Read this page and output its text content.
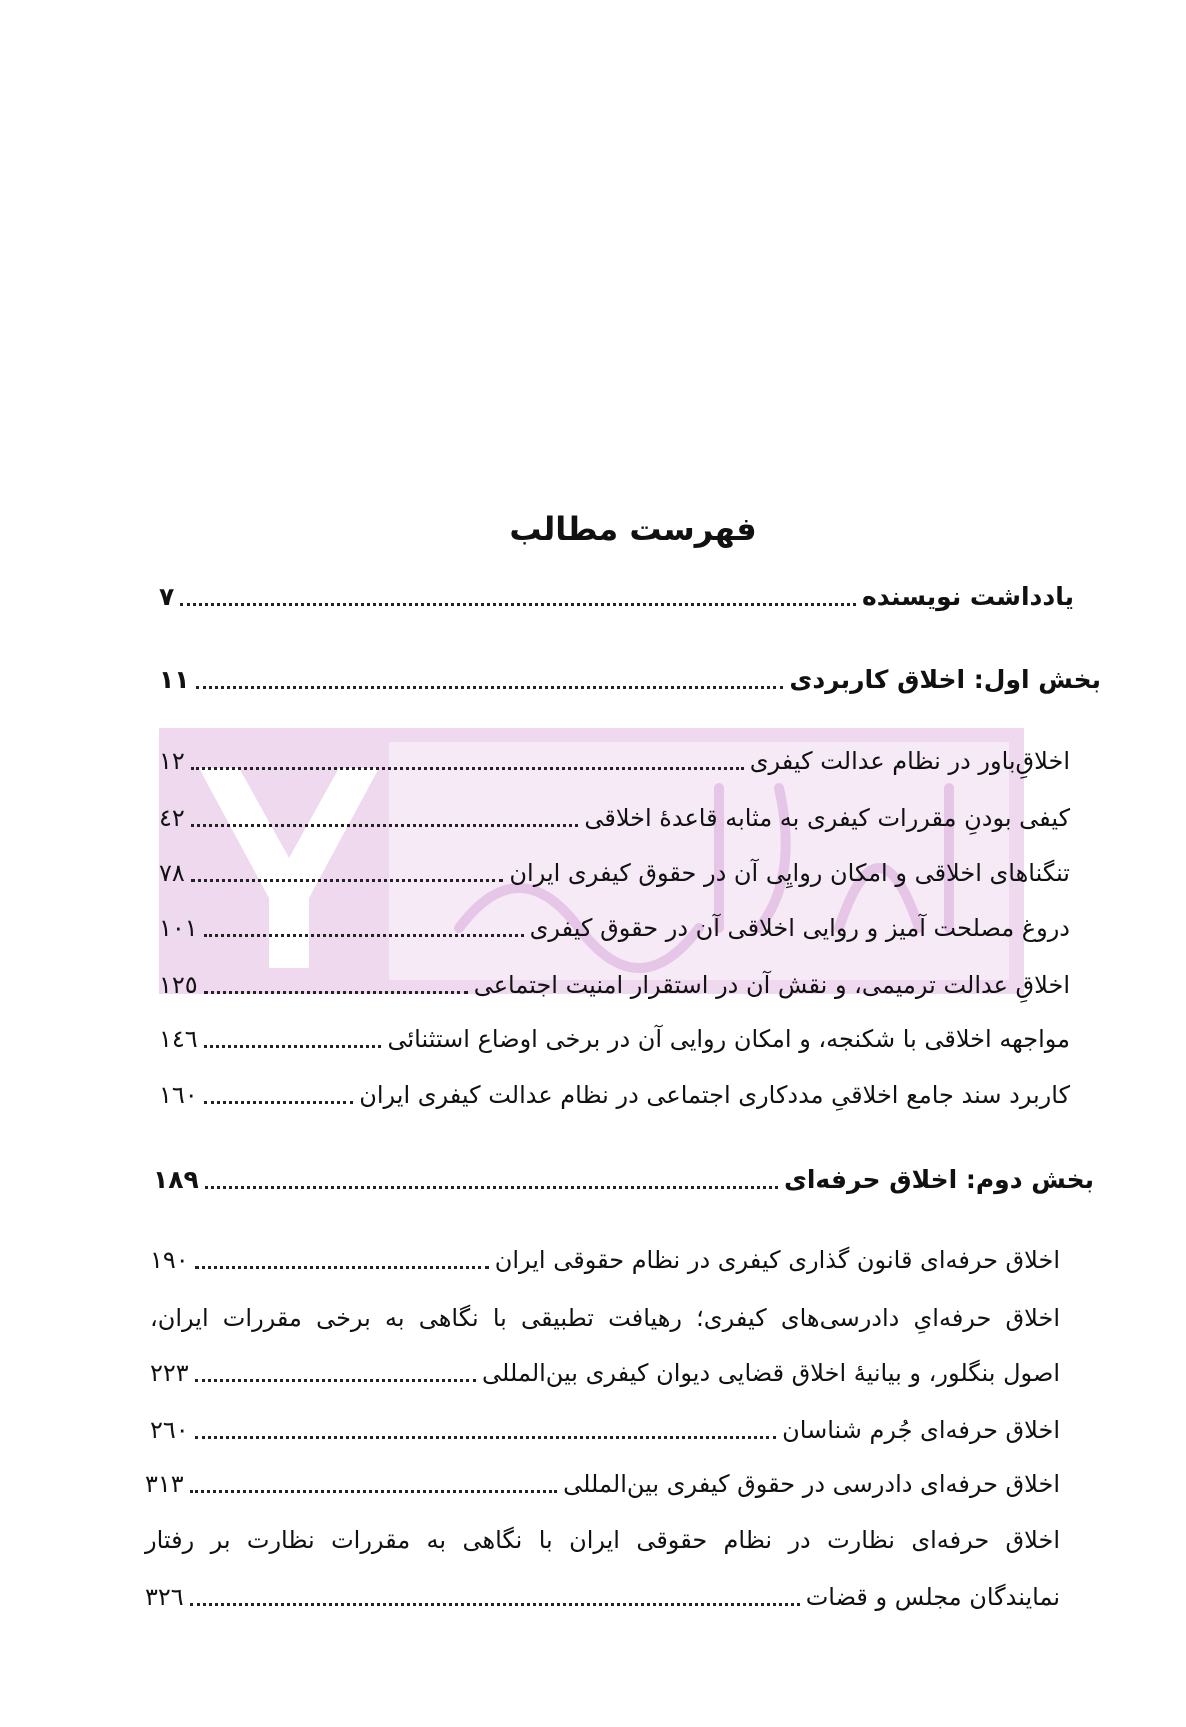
فهرست مطالب
یادداشت نویسنده
٧
بخش اول: اخلاق کاربردی
١١
اخلاقِ‌باور در نظام عدالت کیفری
١٢
کیفی بودنِ مقررات کیفری به مثابه قاعدهٔ اخلاقی
٤٢
تنگناهای اخلاقی و امکان روایِی آن در حقوق کیفری ایران
٧٨
دروغ مصلحت آمیز و روایی اخلاقی آن در حقوق کیفری
١٠١
اخلاقِ عدالت ترمیمی، و نقش آن در استقرار امنیت اجتماعی
١٢٥
مواجهه اخلاقی با شکنجه، و امکان روایی آن در برخی اوضاع استثنائی
١٤٦
کاربرد سند جامع اخلاقیِ مددکاری اجتماعی در نظام عدالت کیفری ایران
١٦٠
بخش دوم: اخلاق حرفه‌ای
١٨٩
اخلاق حرفه‌ای قانون گذاری کیفری در نظام حقوقی ایران
١٩٠
اخلاق حرفه‌ایِ دادرسی‌های کیفری؛ رهیافت تطبیقی با نگاهی به برخی مقررات ایران،
اصول بنگلور، و بیانیهٔ اخلاق قضایی دیوان کیفری بین‌المللی
٢٢٣
اخلاق حرفه‌ای جُرم شناسان
٢٦٠
اخلاق حرفه‌ای دادرسی در حقوق کیفری بین‌المللی
٣١٣
اخلاق حرفه‌ای نظارت در نظام حقوقی ایران با نگاهی به مقررات نظارت بر رفتار
نمایندگان مجلس و قضات
٣٢٦
